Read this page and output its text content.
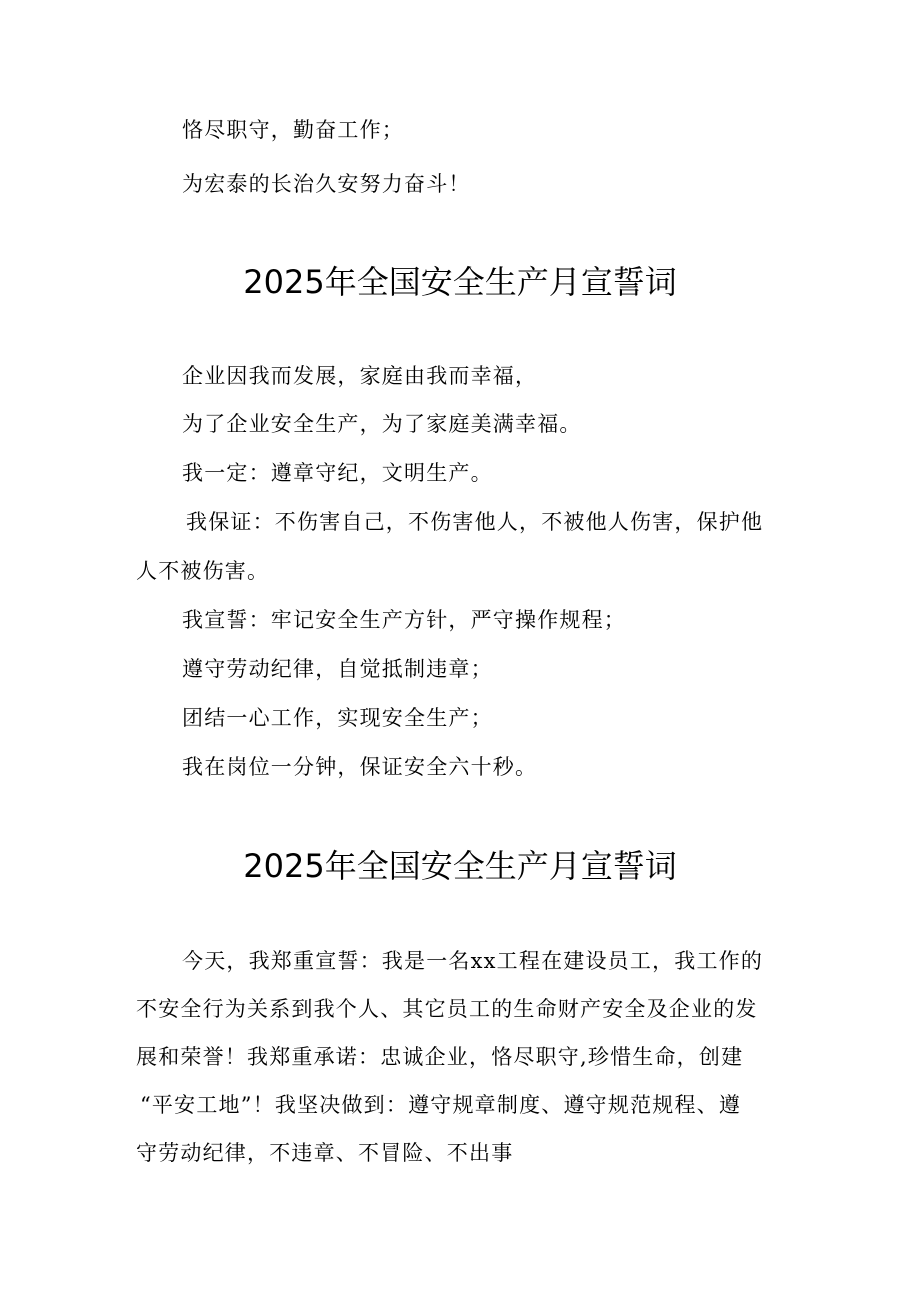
恪尽职守，勤奋工作；
为宏泰的长治久安努力奋斗！
2025年全国安全生产月宣誓词
企业因我而发展，家庭由我而幸福，
为了企业安全生产，为了家庭美满幸福。
我一定：遵章守纪，文明生产。
我保证：不伤害自己，不伤害他人，不被他人伤害，保护他
人不被伤害。
我宣誓：牢记安全生产方针，严守操作规程；
遵守劳动纪律，自觉抵制违章；
团结一心工作，实现安全生产；
我在岗位一分钟，保证安全六十秒。
2025年全国安全生产月宣誓词
今天，我郑重宣誓：我是一名xx工程在建设员工，我工作的
不安全行为关系到我个人、其它员工的生命财产安全及企业的发
展和荣誉！我郑重承诺：忠诚企业，恪尽职守,珍惜生命，创建
“平安工地”！我坚决做到：遵守规章制度、遵守规范规程、遵
守劳动纪律，不违章、不冒险、不出事
